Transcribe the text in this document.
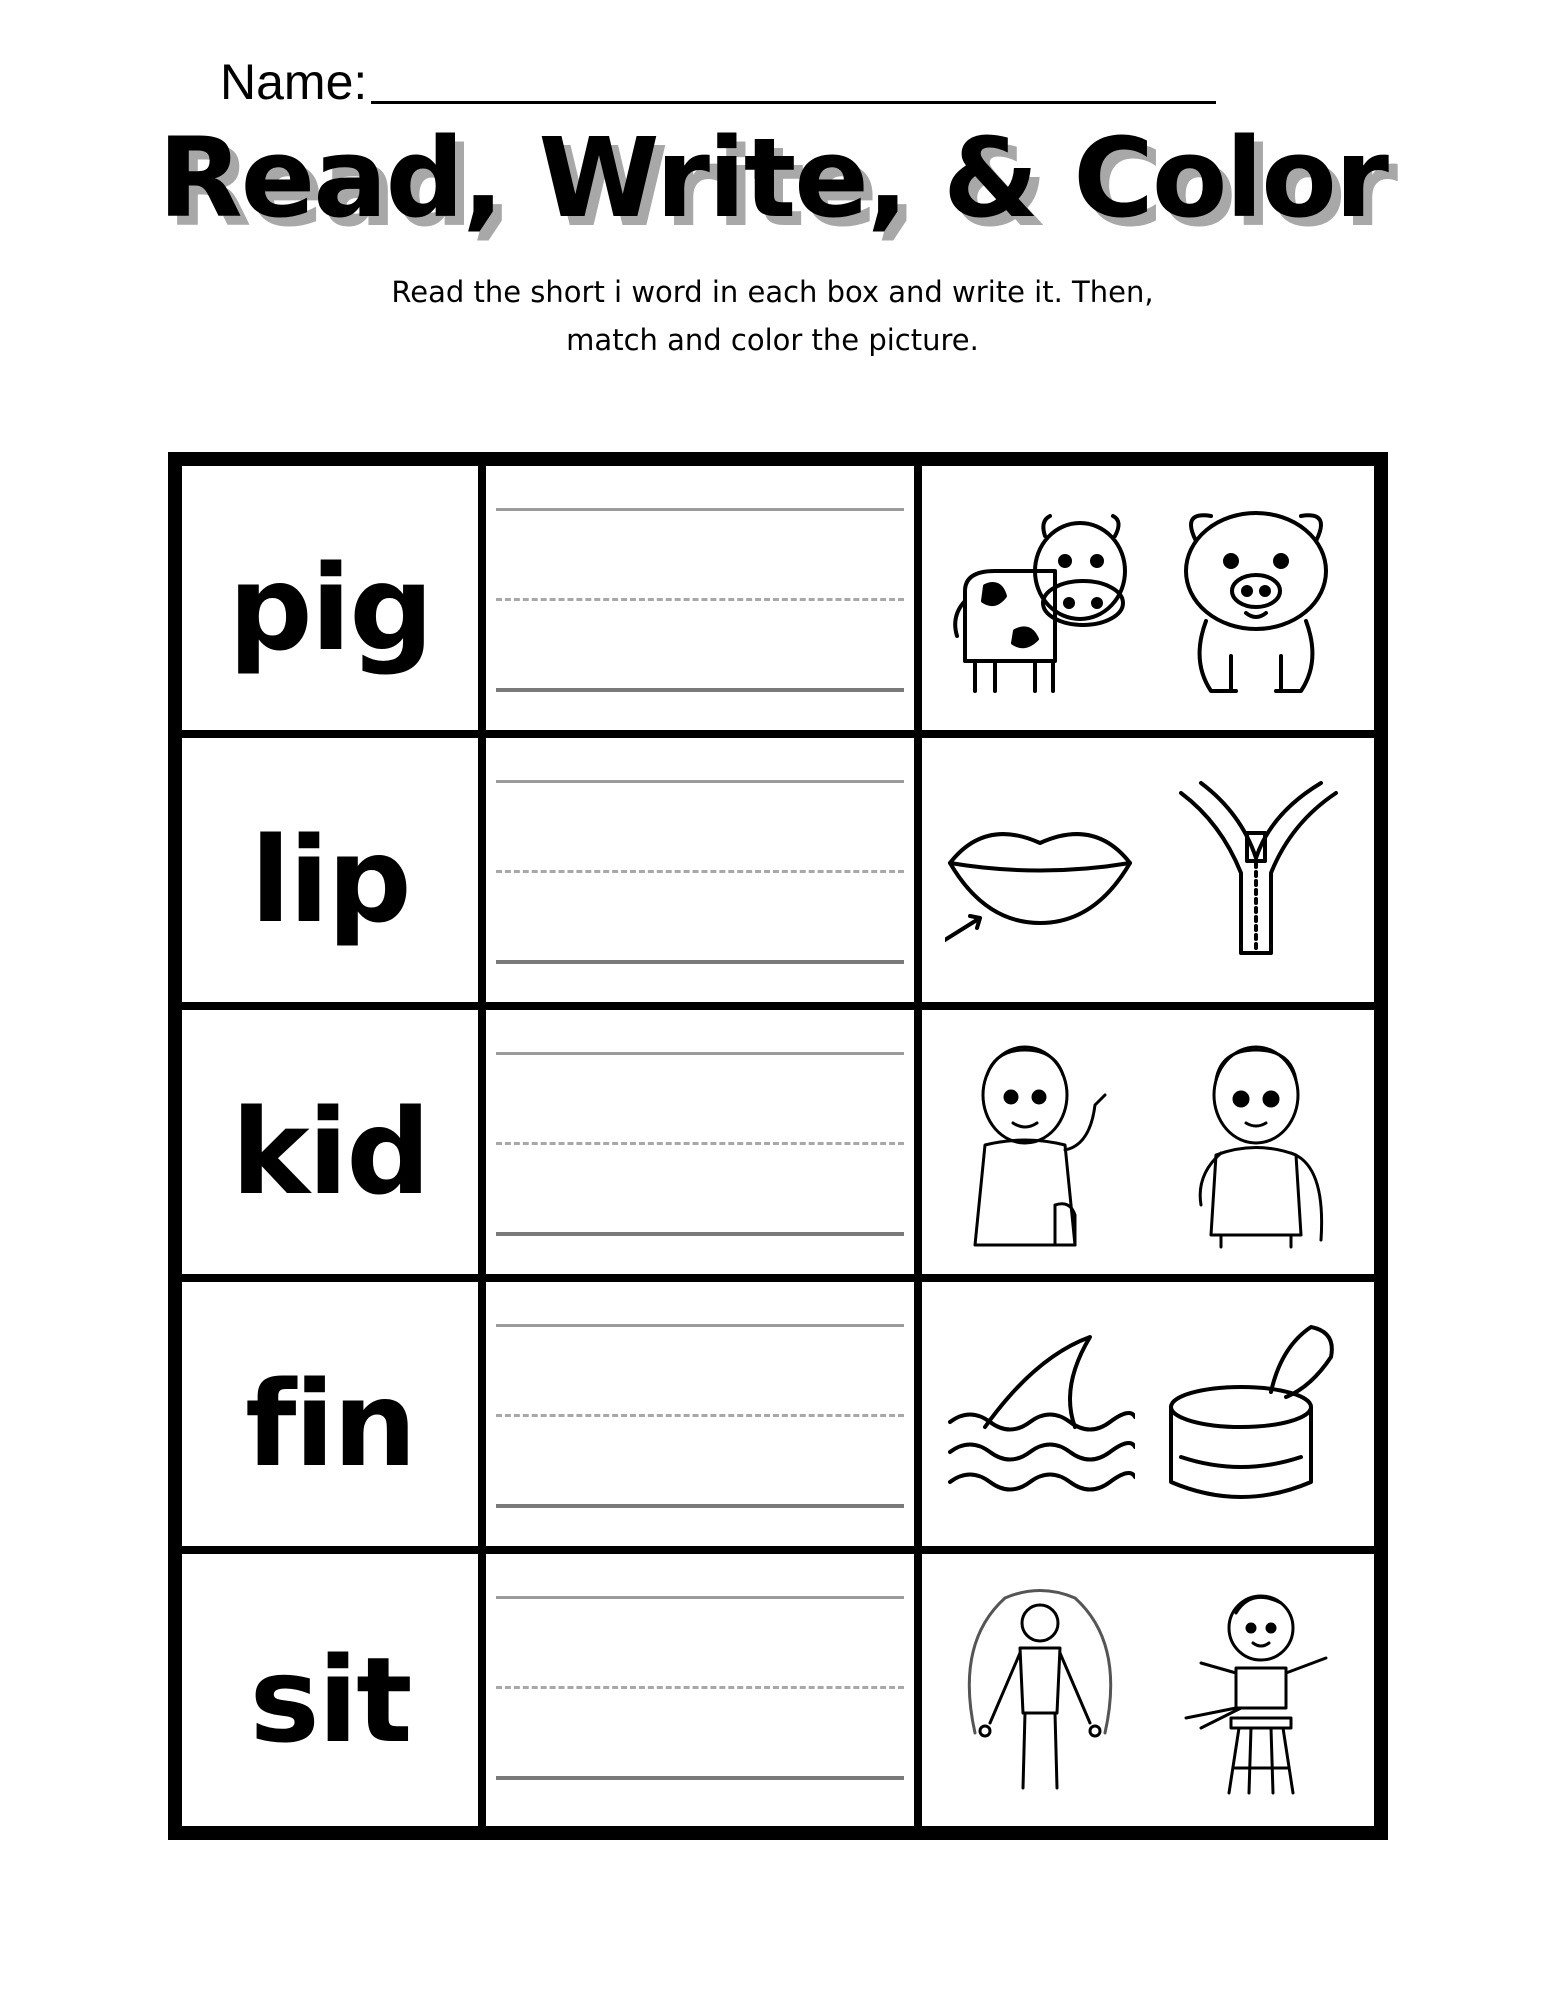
Name:
Read, Write, & Color
Read the short i word in each box and write it. Then,
match and color the picture.
pig
lip
kid
fin
sit
